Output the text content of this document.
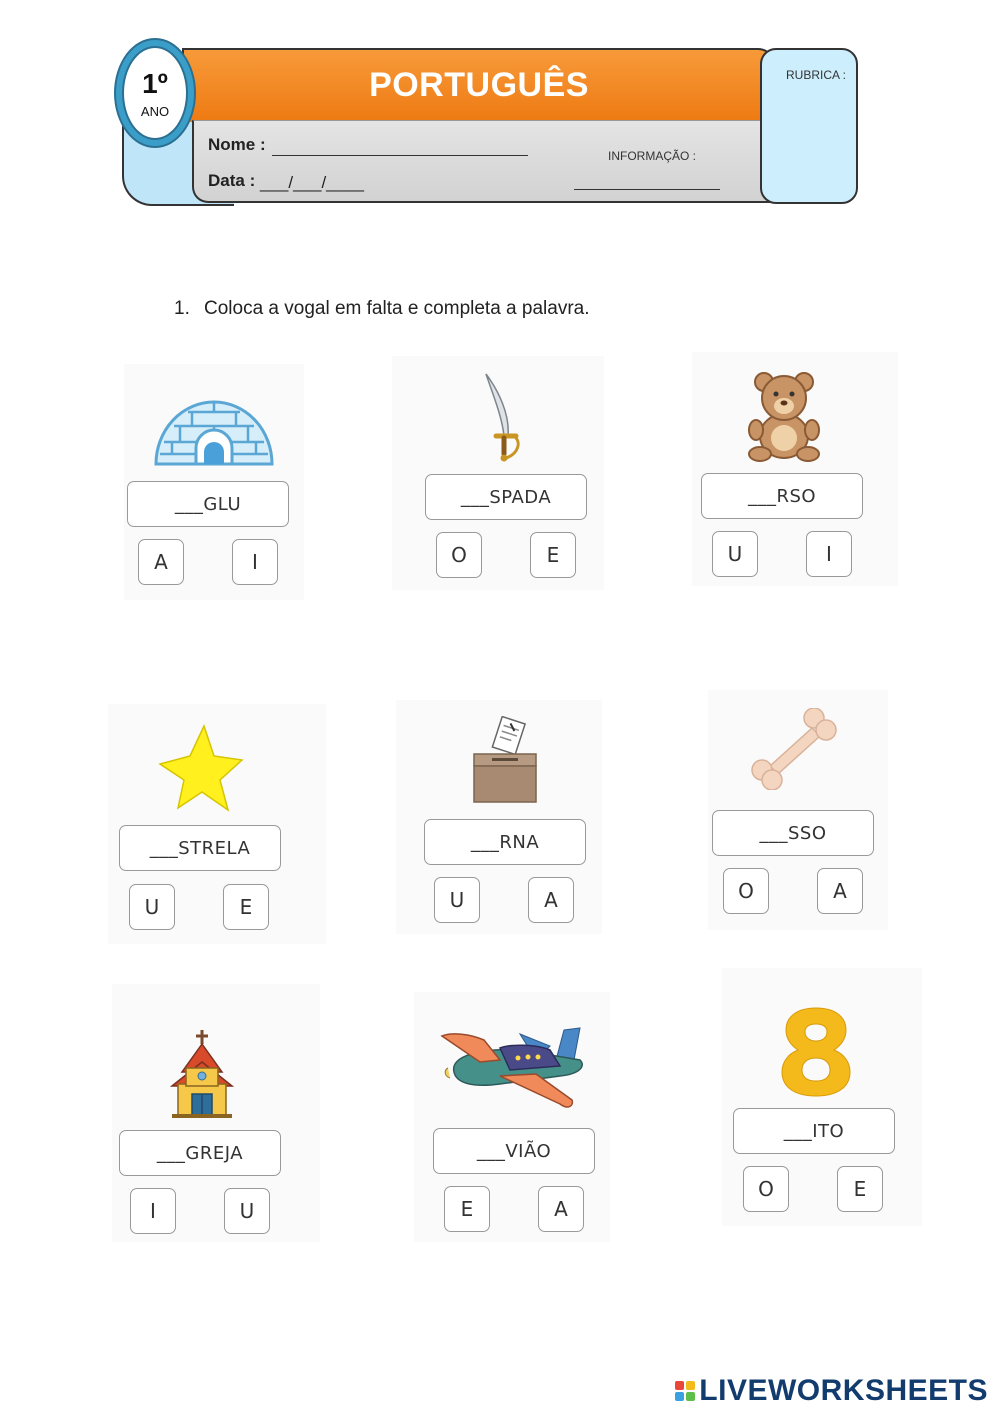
PORTUGUÊS
Nome :
Data : ___/___/____
INFORMAÇÃO :
RUBRICA :
1º
ANO
1. Coloca a vogal em falta e completa a palavra.
___GLU
A	I
___SPADA
O	E
___RSO
U	I
___STRELA
U	E
___RNA
U	A
___SSO
O	A
___GREJA
I	U
___VIÃO
E	A
___ITO
O	E
LIVEWORKSHEETS
